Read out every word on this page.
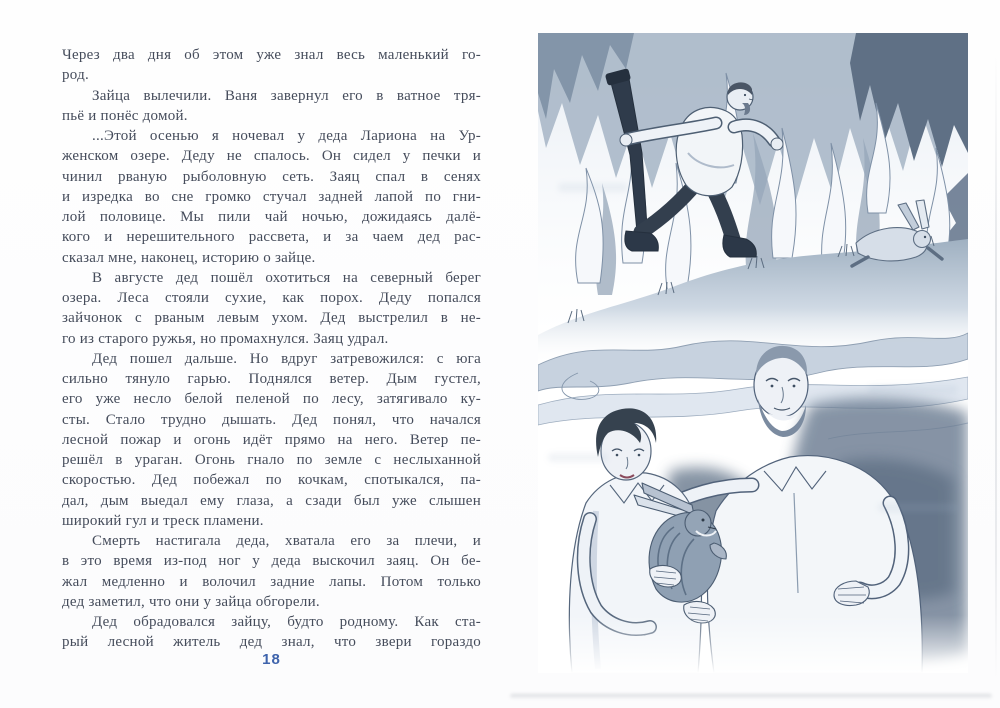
Через два дня об этом уже знал весь маленький го-
род.
Зайца вылечили. Ваня завернул его в ватное тря-
пьё и понёс домой.
...Этой осенью я ночевал у деда Лариона на Ур-
женском озере. Деду не спалось. Он сидел у печки и
чинил рваную рыболовную сеть. Заяц спал в сенях
и изредка во сне громко стучал задней лапой по гни-
лой половице. Мы пили чай ночью, дожидаясь далё-
кого и нерешительного рассвета, и за чаем дед рас-
сказал мне, наконец, историю о зайце.
В августе дед пошёл охотиться на северный берег
озера. Леса стояли сухие, как порох. Деду попался
зайчонок с рваным левым ухом. Дед выстрелил в не-
го из старого ружья, но промахнулся. Заяц удрал.
Дед пошел дальше. Но вдруг затревожился: с юга
сильно тянуло гарью. Поднялся ветер. Дым густел,
его уже несло белой пеленой по лесу, затягивало ку-
сты. Стало трудно дышать. Дед понял, что начался
лесной пожар и огонь идёт прямо на него. Ветер пе-
решёл в ураган. Огонь гнало по земле с неслыханной
скоростью. Дед побежал по кочкам, спотыкался, па-
дал, дым выедал ему глаза, а сзади был уже слышен
широкий гул и треск пламени.
Смерть настигала деда, хватала его за плечи, и
в это время из-под ног у деда выскочил заяц. Он бе-
жал медленно и волочил задние лапы. Потом только
дед заметил, что они у зайца обгорели.
Дед обрадовался зайцу, будто родному. Как ста-
рый лесной житель дед знал, что звери гораздо
18
